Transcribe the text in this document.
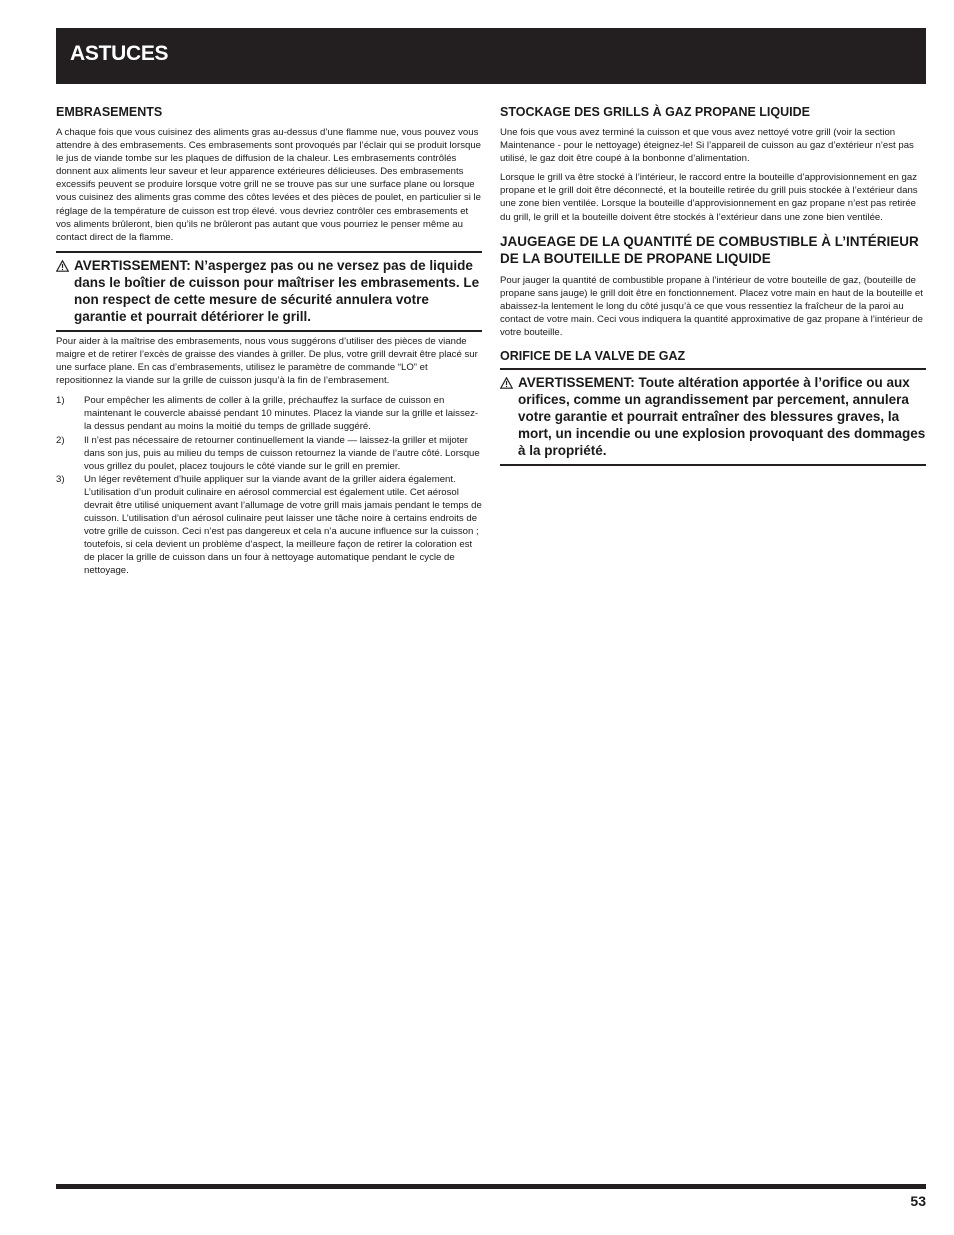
ASTUCES
EMBRASEMENTS

A chaque fois que vous cuisinez des aliments gras au-dessus d’une flamme nue, vous pouvez vous attendre à des embrasements. Ces embrasements sont provoqués par l’éclair qui se produit lorsque le jus de viande tombe sur les plaques de diffusion de la chaleur. Les embrasements contrôlés donnent aux aliments leur saveur et leur apparence extérieures délicieuses. Des embrasements excessifs peuvent se produire lorsque votre grill ne se trouve pas sur une surface plane ou lorsque vous cuisinez des aliments gras comme des côtes levées et des pièces de poulet, en particulier si le réglage de la température de cuisson est trop élevé. vous devriez contrôler ces embrasements et vos aliments brûleront, bien qu’ils ne brûleront pas autant que vous pourriez le penser même au contact direct de la flamme.

AVERTISSEMENT: N’aspergez pas ou ne versez pas de liquide dans le boîtier de cuisson pour maîtriser les embrasements. Le non respect de cette mesure de sécurité annulera votre garantie et pourrait détériorer le grill.

Pour aider à la maîtrise des embrasements, nous vous suggérons d’utiliser des pièces de viande maigre et de retirer l’excès de graisse des viandes à griller. De plus, votre grill devrait être placé sur une surface plane. En cas d’embrasements, utilisez le paramètre de commande “LO” et repositionnez la viande sur la grille de cuisson jusqu’à la fin de l’embrasement.

1)	Pour empêcher les aliments de coller à la grille, préchauffez la surface de cuisson en maintenant le couvercle abaissé pendant 10 minutes. Placez la viande sur la grille et laissez-la dessus pendant au moins la moitié du temps de grillade suggéré.
2)	Il n’est pas nécessaire de retourner continuellement la viande — laissez-la griller et mijoter dans son jus, puis au milieu du temps de cuisson retournez la viande de l’autre côté. Lorsque vous grillez du poulet, placez toujours le côté viande sur le grill en premier.
3)	Un léger revêtement d’huile appliquer sur la viande avant de la griller aidera également. L’utilisation d’un produit culinaire en aérosol commercial est également utile. Cet aérosol devrait être utilisé uniquement avant l’allumage de votre grill mais jamais pendant le temps de cuisson. L’utilisation d’un aérosol culinaire peut laisser une tâche noire à certains endroits de votre grille de cuisson. Ceci n’est pas dangereux et cela n’a aucune influence sur la cuisson ; toutefois, si cela devient un problème d’aspect, la meilleure façon de retirer la coloration est de placer la grille de cuisson dans un four à nettoyage automatique pendant le cycle de nettoyage.
STOCKAGE DES GRILLS À GAZ PROPANE LIQUIDE

Une fois que vous avez terminé la cuisson et que vous avez nettoyé votre grill (voir la section Maintenance - pour le nettoyage) éteignez-le! Si l’appareil de cuisson au gaz d’extérieur n’est pas utilisé, le gaz doit être coupé à la bonbonne d’alimentation.

Lorsque le grill va être stocké à l’intérieur, le raccord entre la bouteille d’approvisionnement en gaz propane et le grill doit être déconnecté, et la bouteille retirée du grill puis stockée à l’extérieur dans une zone bien ventilée. Lorsque la bouteille d’approvisionnement en gaz propane n’est pas retirée du grill, le grill et la bouteille doivent être stockés à l’extérieur dans une zone bien ventilée.

JAUGEAGE DE LA QUANTITÉ DE COMBUSTIBLE À L’INTÉRIEUR DE LA BOUTEILLE DE PROPANE LIQUIDE

Pour jauger la quantité de combustible propane à l’intérieur de votre bouteille de gaz, (bouteille de propane sans jauge) le grill doit être en fonctionnement. Placez votre main en haut de la bouteille et abaissez-la lentement le long du côté jusqu’à ce que vous ressentiez la fraîcheur de la paroi au contact de votre main. Ceci vous indiquera la quantité approximative de gaz propane à l’intérieur de votre bouteille.

ORIFICE DE LA VALVE DE GAZ
AVERTISSEMENT: Toute altération apportée à l’orifice ou aux orifices, comme un agrandissement par percement, annulera votre garantie et pourrait entraîner des blessures graves, la mort, un incendie ou une explosion provoquant des dommages à la propriété.
53
